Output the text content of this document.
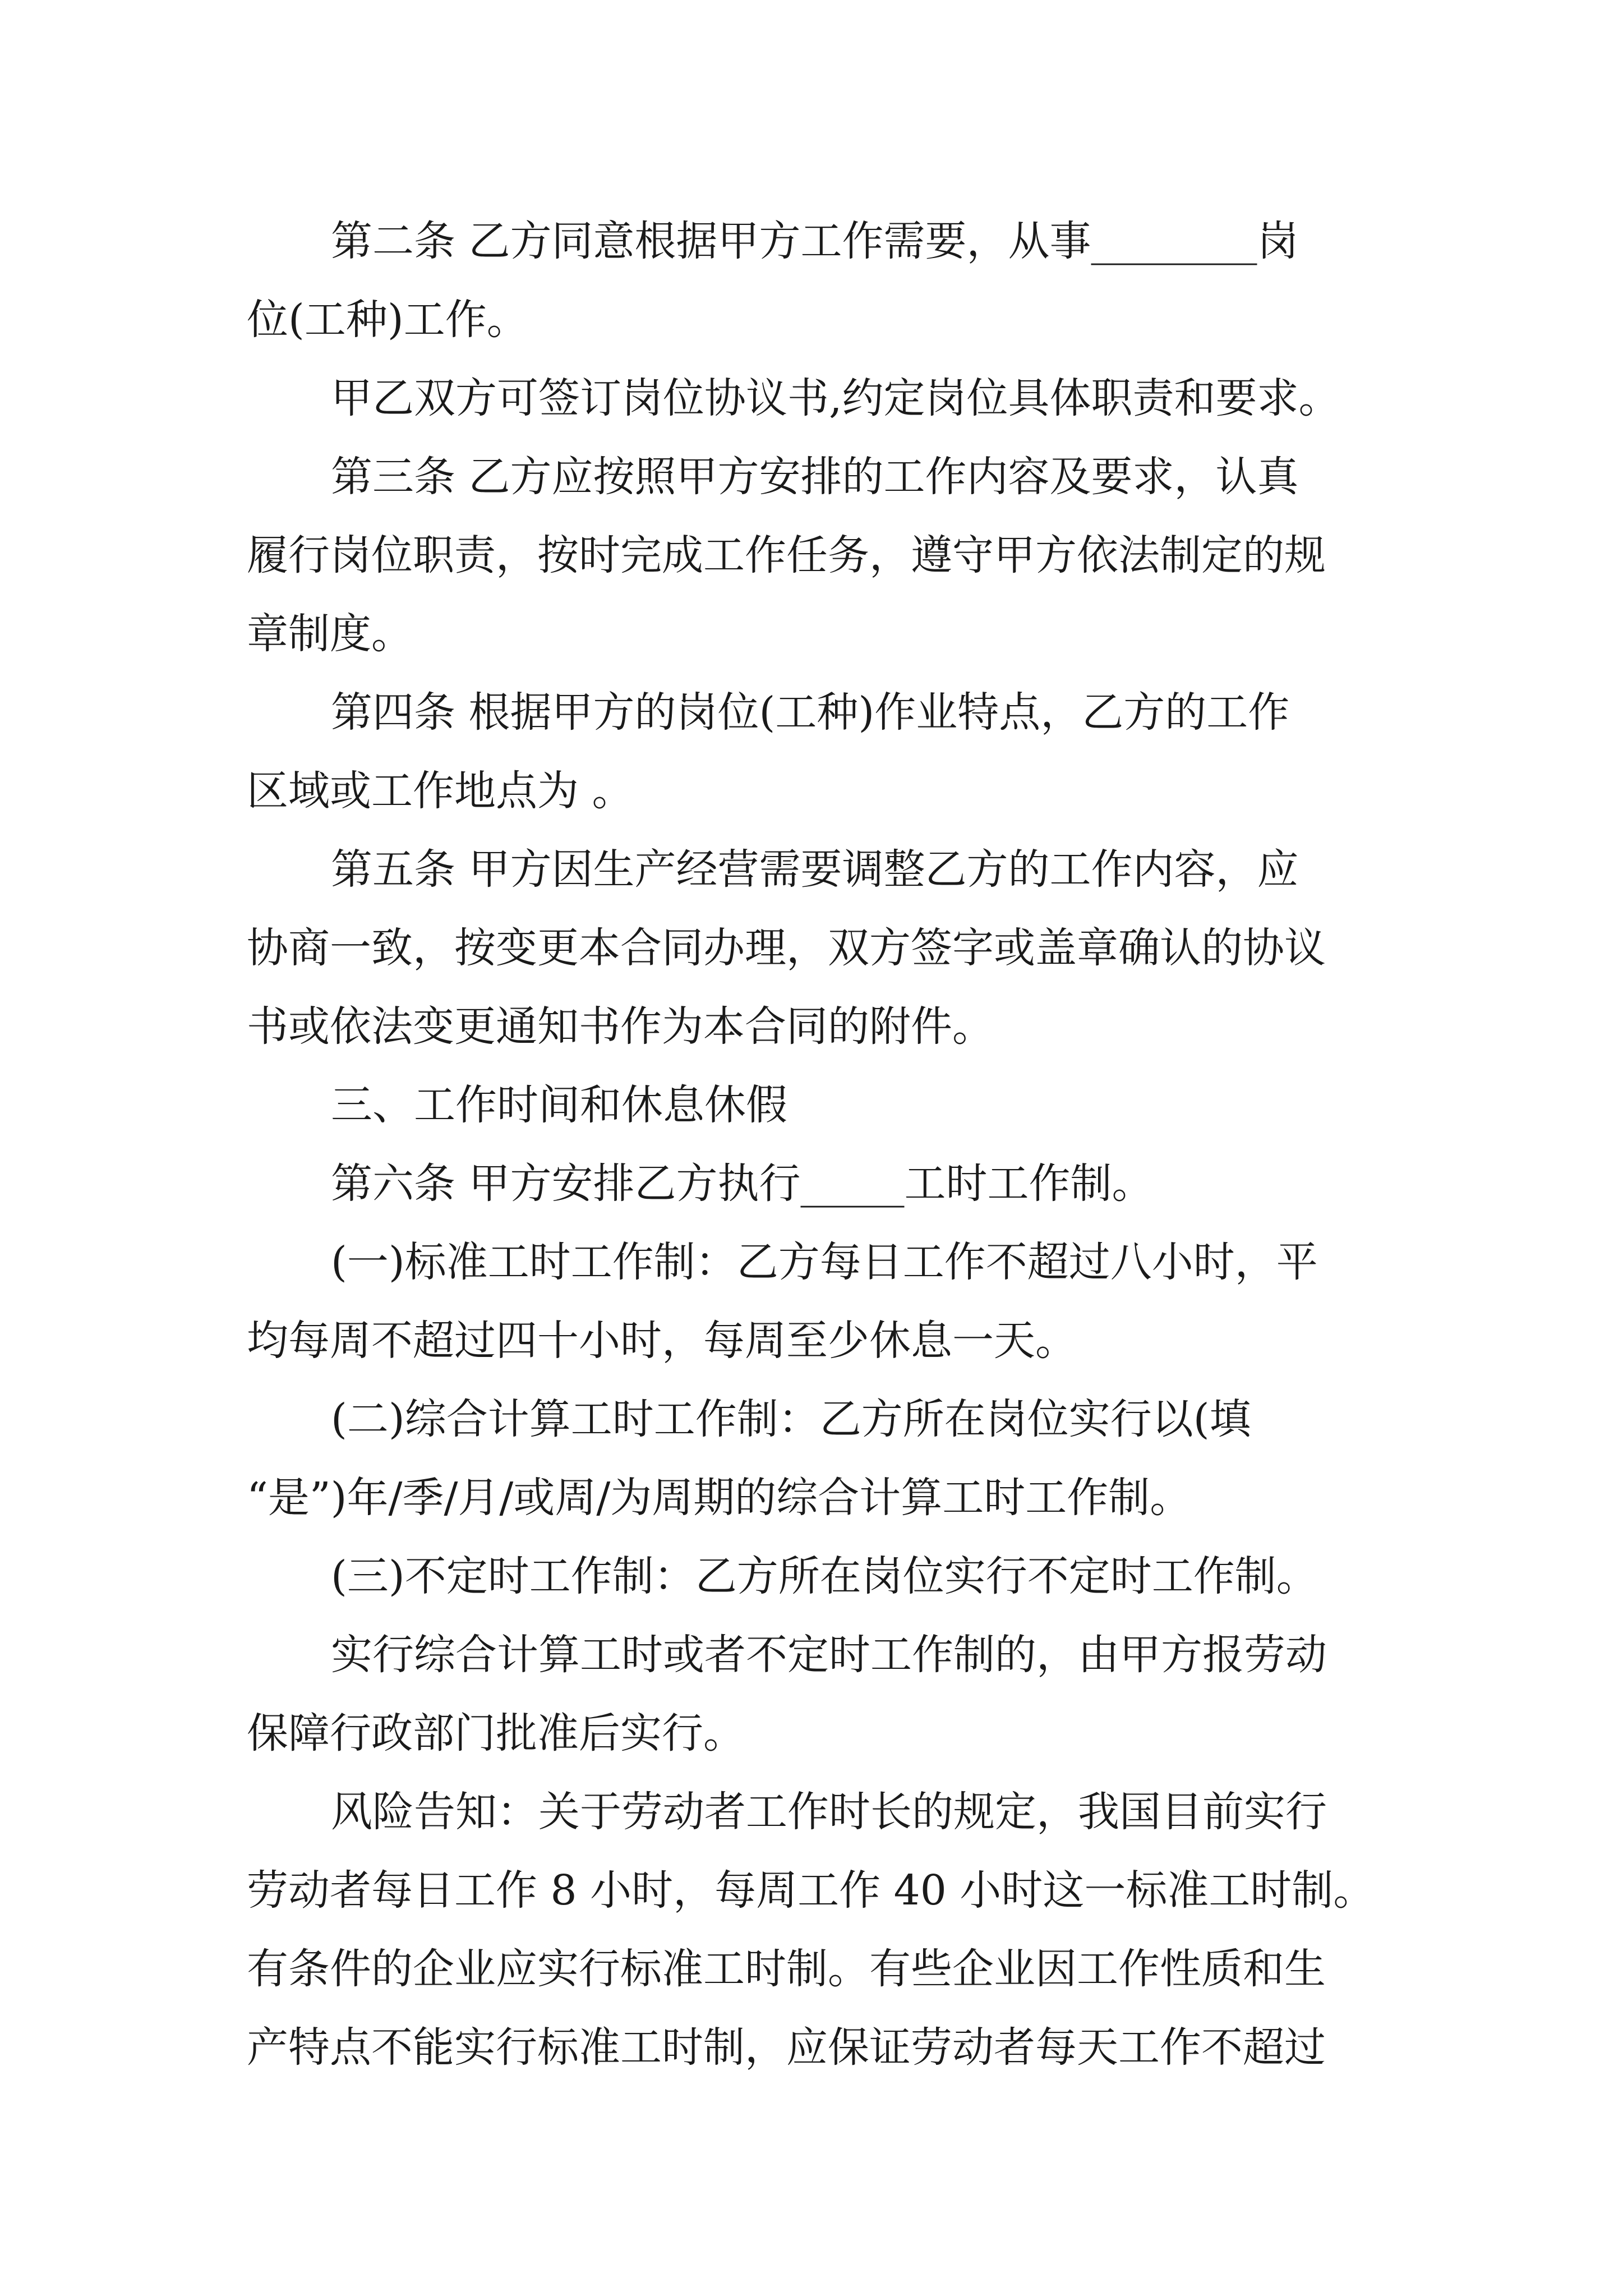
第二条 乙方同意根据甲方工作需要，从事________岗
位(工种)工作。
甲乙双方可签订岗位协议书,约定岗位具体职责和要求。
第三条 乙方应按照甲方安排的工作内容及要求，认真
履行岗位职责，按时完成工作任务，遵守甲方依法制定的规
章制度。
第四条 根据甲方的岗位(工种)作业特点，乙方的工作
区域或工作地点为 。
第五条 甲方因生产经营需要调整乙方的工作内容，应
协商一致，按变更本合同办理，双方签字或盖章确认的协议
书或依法变更通知书作为本合同的附件。
三、工作时间和休息休假
第六条 甲方安排乙方执行_____工时工作制。
(一)标准工时工作制：乙方每日工作不超过八小时，平
均每周不超过四十小时，每周至少休息一天。
(二)综合计算工时工作制：乙方所在岗位实行以(填
“是”)年/季/月/或周/为周期的综合计算工时工作制。
(三)不定时工作制：乙方所在岗位实行不定时工作制。
实行综合计算工时或者不定时工作制的，由甲方报劳动
保障行政部门批准后实行。
风险告知：关于劳动者工作时长的规定，我国目前实行
劳动者每日工作 8 小时，每周工作 40 小时这一标准工时制。
有条件的企业应实行标准工时制。有些企业因工作性质和生
产特点不能实行标准工时制，应保证劳动者每天工作不超过
